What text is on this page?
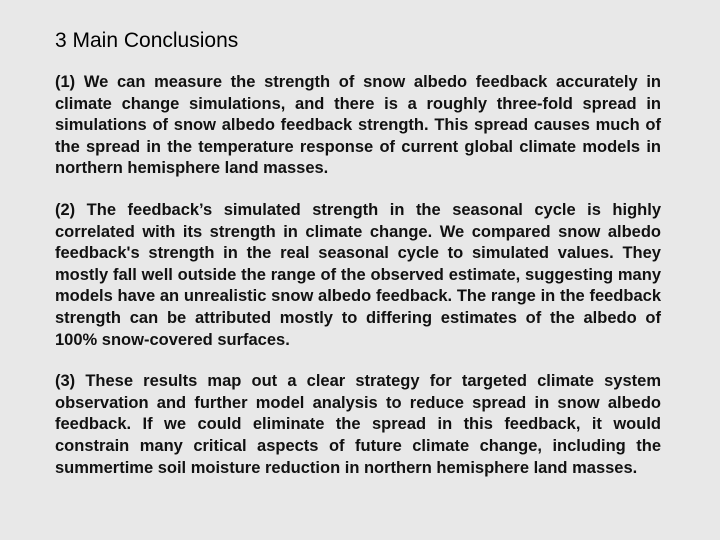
3 Main Conclusions

(1) We can measure the strength of snow albedo feedback accurately in climate change simulations, and there is a roughly three-fold spread in simulations of snow albedo feedback strength. This spread causes much of the spread in the temperature response of current global climate models in northern hemisphere land masses.

(2) The feedback’s simulated strength in the seasonal cycle is highly correlated with its strength in climate change. We compared snow albedo feedback's strength in the real seasonal cycle to simulated values. They mostly fall well outside the range of the observed estimate, suggesting many models have an unrealistic snow albedo feedback. The range in the feedback strength can be attributed mostly to differing estimates of the albedo of 100% snow-covered surfaces.

(3) These results map out a clear strategy for targeted climate system observation and further model analysis to reduce spread in snow albedo feedback. If we could eliminate the spread in this feedback, it would constrain many critical aspects of future climate change, including the summertime soil moisture reduction in northern hemisphere land masses.
